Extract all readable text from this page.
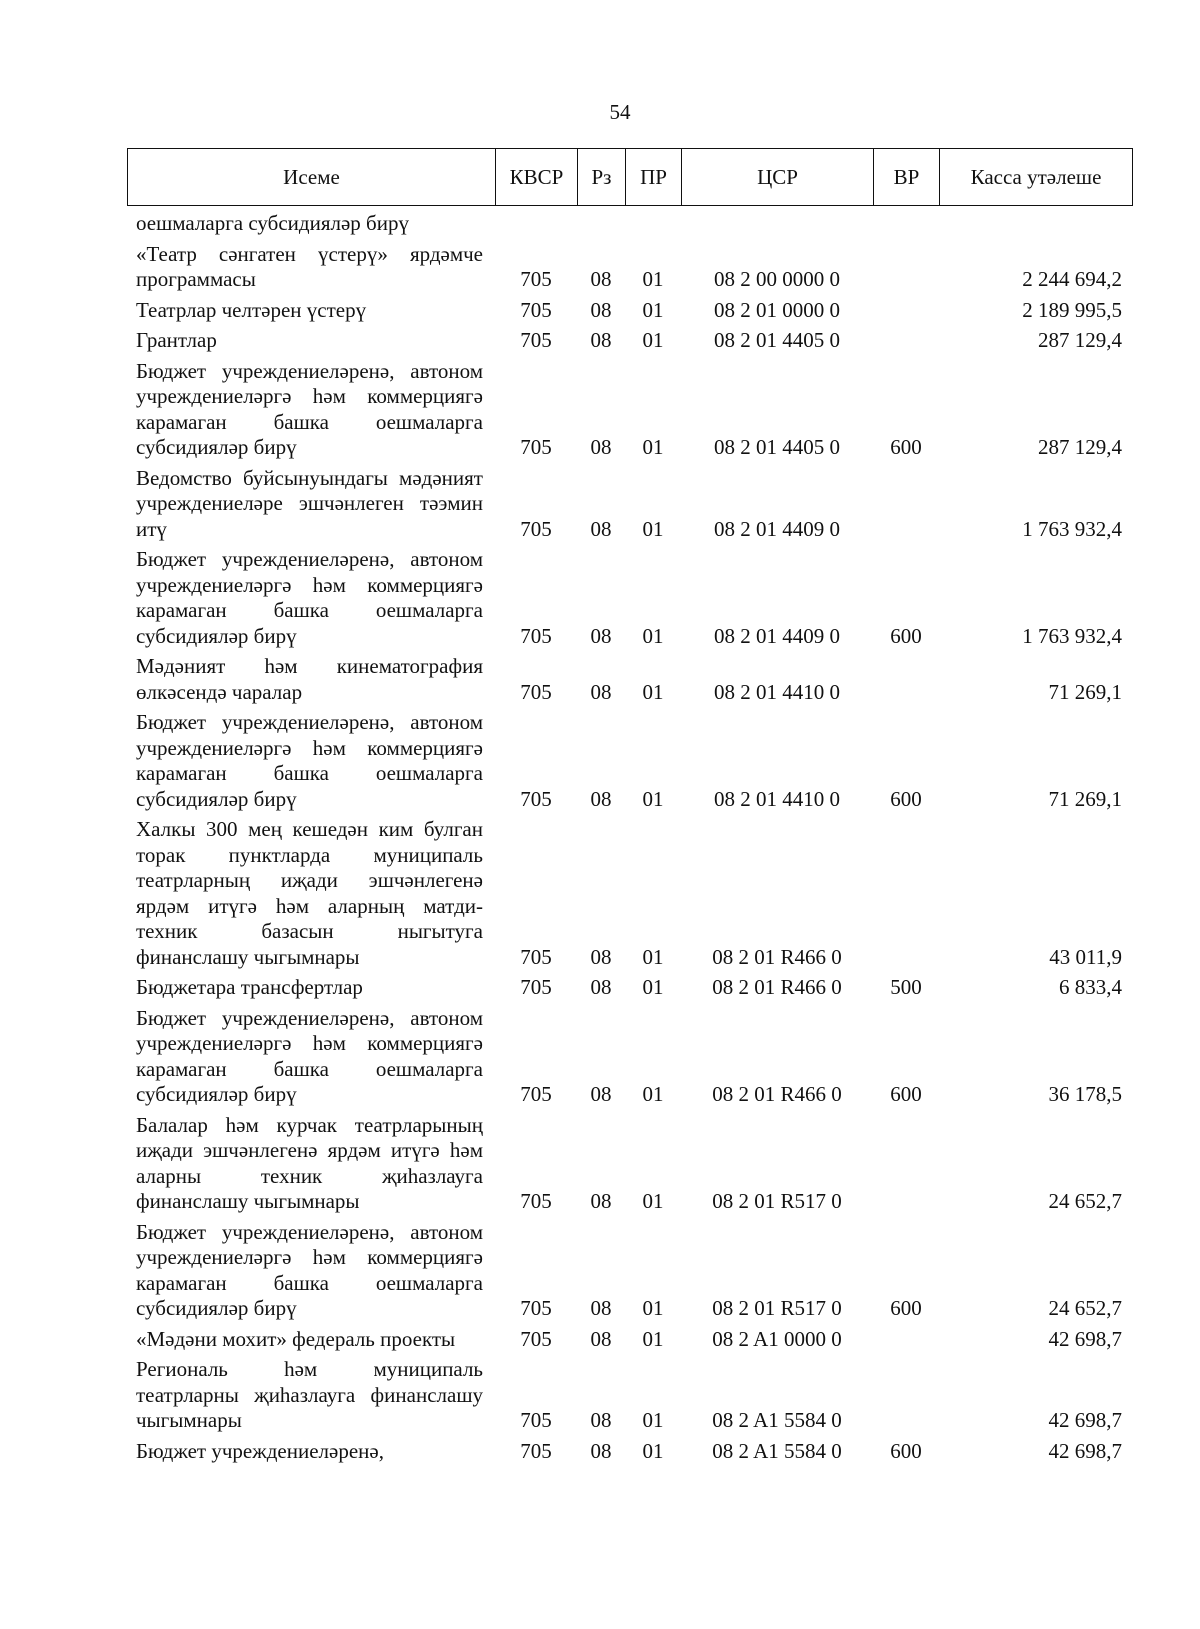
54
Исеме	КВСР	Рз	ПР	ЦСР	ВР	Касса утәлеше
оешмаларга субсидияләр бирү						
«Театр сәнгатен үстерү» ярдәмче программасы	705	08	01	08 2 00 0000 0		2 244 694,2
Театрлар челтәрен үстерү	705	08	01	08 2 01 0000 0		2 189 995,5
Грантлар	705	08	01	08 2 01 4405 0		287 129,4
Бюджет учреждениеләренә, автоном учреждениеләргә һәм коммерциягә карамаган башка оешмаларга субсидияләр бирү	705	08	01	08 2 01 4405 0	600	287 129,4
Ведомство буйсынуындагы мәдәният учреждениеләре эшчәнлеген тәэмин итү	705	08	01	08 2 01 4409 0		1 763 932,4
Бюджет учреждениеләренә, автоном учреждениеләргә һәм коммерциягә карамаган башка оешмаларга субсидияләр бирү	705	08	01	08 2 01 4409 0	600	1 763 932,4
Мәдәният һәм кинематография өлкәсендә чаралар	705	08	01	08 2 01 4410 0		71 269,1
Бюджет учреждениеләренә, автоном учреждениеләргә һәм коммерциягә карамаган башка оешмаларга субсидияләр бирү	705	08	01	08 2 01 4410 0	600	71 269,1
Халкы 300 мең кешедән ким булган торак пунктларда муниципаль театрларның иҗади эшчәнлегенә ярдәм итүгә һәм аларның матди-техник базасын ныгытуга финанслашу чыгымнары	705	08	01	08 2 01 R466 0		43 011,9
Бюджетара трансфертлар	705	08	01	08 2 01 R466 0	500	6 833,4
Бюджет учреждениеләренә, автоном учреждениеләргә һәм коммерциягә карамаган башка оешмаларга субсидияләр бирү	705	08	01	08 2 01 R466 0	600	36 178,5
Балалар һәм курчак театрларының иҗади эшчәнлегенә ярдәм итүгә һәм аларны техник җиһазлауга финанслашу чыгымнары	705	08	01	08 2 01 R517 0		24 652,7
Бюджет учреждениеләренә, автоном учреждениеләргә һәм коммерциягә карамаган башка оешмаларга субсидияләр бирү	705	08	01	08 2 01 R517 0	600	24 652,7
«Мәдәни мохит» федераль проекты	705	08	01	08 2 A1 0000 0		42 698,7
Региональ һәм муниципаль театрларны җиһазлауга финанслашу чыгымнары	705	08	01	08 2 A1 5584 0		42 698,7
Бюджет учреждениеләренә,	705	08	01	08 2 A1 5584 0	600	42 698,7
